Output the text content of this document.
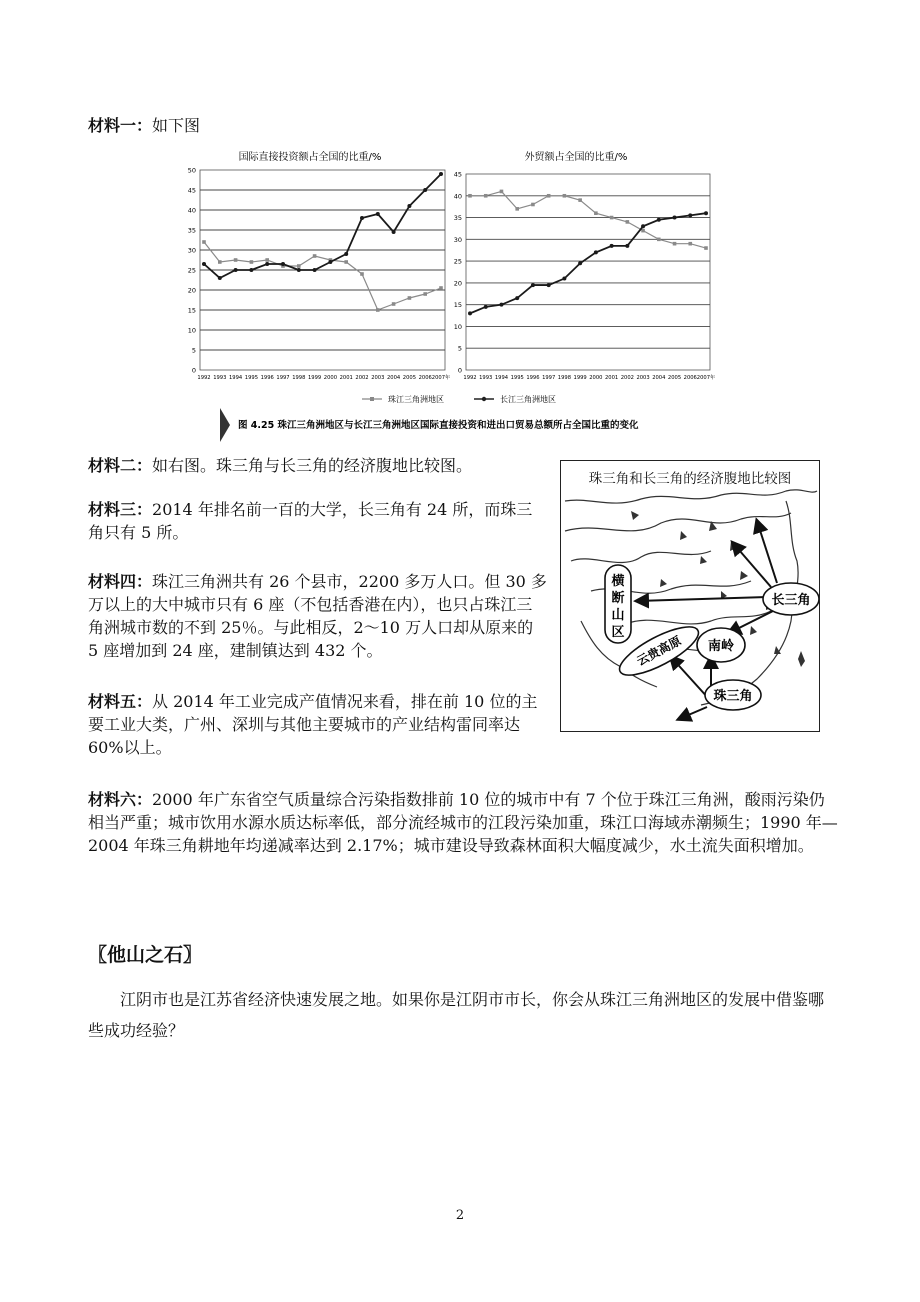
材料一：如下图
国际直接投资额占全国的比重/%
0
5
10
15
20
25
30
35
40
45
50
1992 1993 1994 1995 1996 1997 1998 1999 2000 2001 2002 2003 2004 2005 2006 2007年
外贸额占全国的比重/%
0
5
10
15
20
25
30
35
40
45
1992 1993 1994 1995 1996 1997 1998 1999 2000 2001 2002 2003 2004 2005 2006 2007年
珠江三角洲地区	长江三角洲地区
图 4.25 珠江三角洲地区与长江三角洲地区国际直接投资和进出口贸易总额所占全国比重的变化
材料二：如右图。珠三角与长三角的经济腹地比较图。
材料三：2014 年排名前一百的大学，长三角有 24 所，而珠三角只有 5 所。
材料四：珠江三角洲共有 26 个县市，2200 多万人口。但 30 多万以上的大中城市只有 6 座（不包括香港在内），也只占珠江三角洲城市数的不到 25％。与此相反，2～10 万人口却从原来的 5 座增加到 24 座，建制镇达到 432 个。
材料五：从 2014 年工业完成产值情况来看，排在前 10 位的主要工业大类，广州、深圳与其他主要城市的产业结构雷同率达 60%以上。
珠三角和长三角的经济腹地比较图
横断山区
云贵高原 南岭
长三角
珠三角
材料六：2000 年广东省空气质量综合污染指数排前 10 位的城市中有 7 个位于珠江三角洲，酸雨污染仍相当严重；城市饮用水源水质达标率低，部分流经城市的江段污染加重，珠江口海域赤潮频生；1990 年—2004 年珠三角耕地年均递减率达到 2.17%；城市建设导致森林面积大幅度减少，水土流失面积增加。
〖他山之石〗
江阴市也是江苏省经济快速发展之地。如果你是江阴市市长，你会从珠江三角洲地区的发展中借鉴哪些成功经验？
2
